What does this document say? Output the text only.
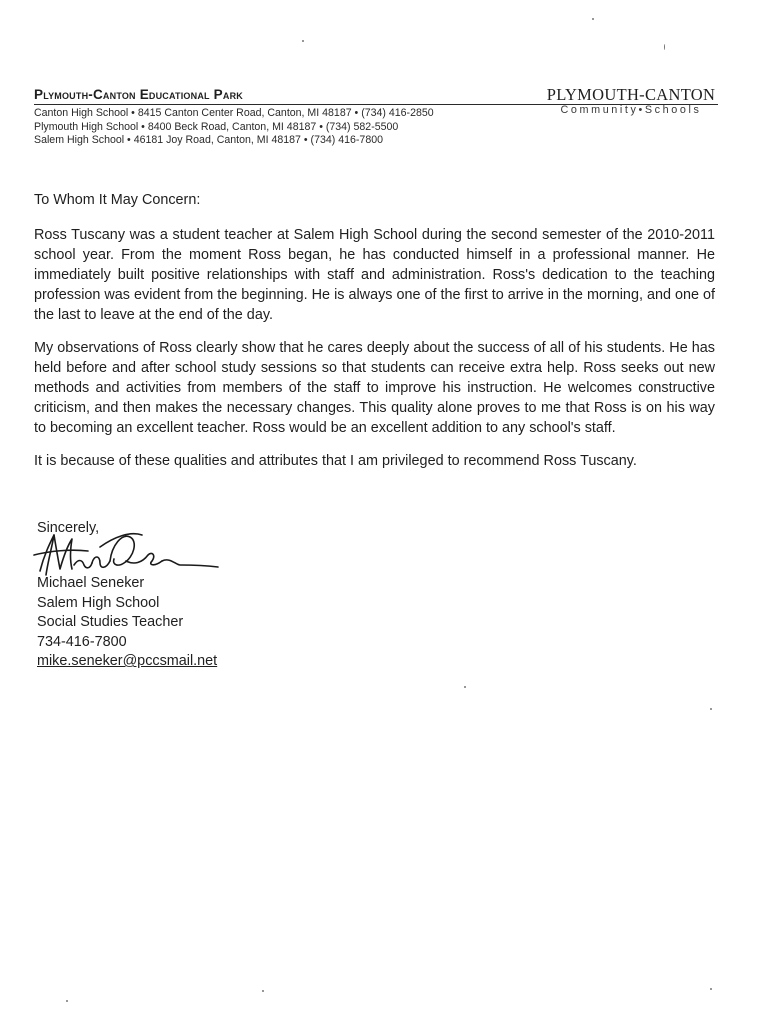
Plymouth-Canton Educational Park	PLYMOUTH-CANTON
Community•Schools
Canton High School • 8415 Canton Center Road, Canton, MI 48187 • (734) 416-2850
Plymouth High School • 8400 Beck Road, Canton, MI 48187 • (734) 582-5500
Salem High School • 46181 Joy Road, Canton, MI 48187 • (734) 416-7800

To Whom It May Concern:

Ross Tuscany was a student teacher at Salem High School during the second semester of the 2010-2011 school year. From the moment Ross began, he has conducted himself in a professional manner. He immediately built positive relationships with staff and administration. Ross's dedication to the teaching profession was evident from the beginning. He is always one of the first to arrive in the morning, and one of the last to leave at the end of the day.

My observations of Ross clearly show that he cares deeply about the success of all of his students. He has held before and after school study sessions so that students can receive extra help. Ross seeks out new methods and activities from members of the staff to improve his instruction. He welcomes constructive criticism, and then makes the necessary changes. This quality alone proves to me that Ross is on his way to becoming an excellent teacher. Ross would be an excellent addition to any school's staff.

It is because of these qualities and attributes that I am privileged to recommend Ross Tuscany.

Sincerely,
Michael Seneker
Salem High School
Social Studies Teacher
734-416-7800
mike.seneker@pccsmail.net
